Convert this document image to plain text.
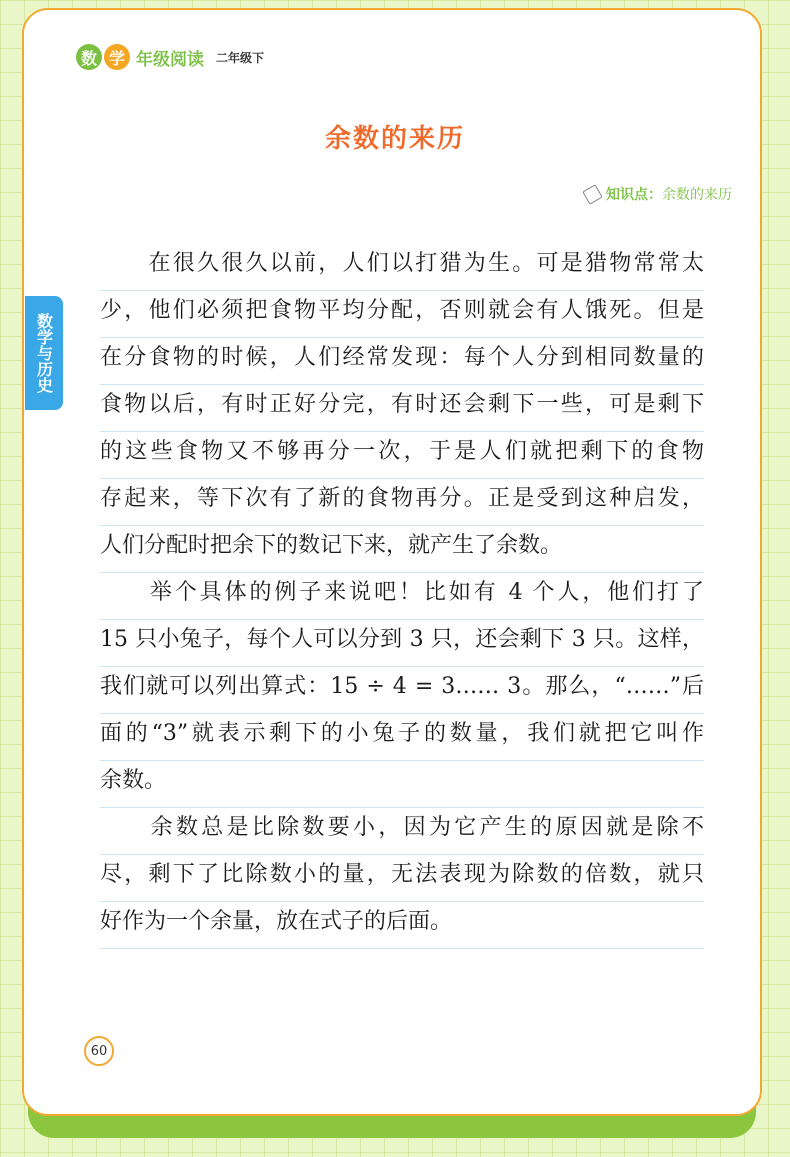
数 学 年级阅读 二年级下
余数的来历
知识点： 余数的来历
数学与历史
　　在很久很久以前，人们以打猎为生。可是猎物常常太
少，他们必须把食物平均分配，否则就会有人饿死。但是
在分食物的时候，人们经常发现：每个人分到相同数量的
食物以后，有时正好分完，有时还会剩下一些，可是剩下
的这些食物又不够再分一次，于是人们就把剩下的食物
存起来，等下次有了新的食物再分。正是受到这种启发，
人们分配时把余下的数记下来，就产生了余数。
　　举个具体的例子来说吧！比如有 4 个人，他们打了
15 只小兔子，每个人可以分到 3 只，还会剩下 3 只。这样，
我们就可以列出算式：15 ÷ 4 = 3…… 3。那么，“……”后
面的“3”就表示剩下的小兔子的数量，我们就把它叫作
余数。
　　余数总是比除数要小，因为它产生的原因就是除不
尽，剩下了比除数小的量，无法表现为除数的倍数，就只
好作为一个余量，放在式子的后面。
60
